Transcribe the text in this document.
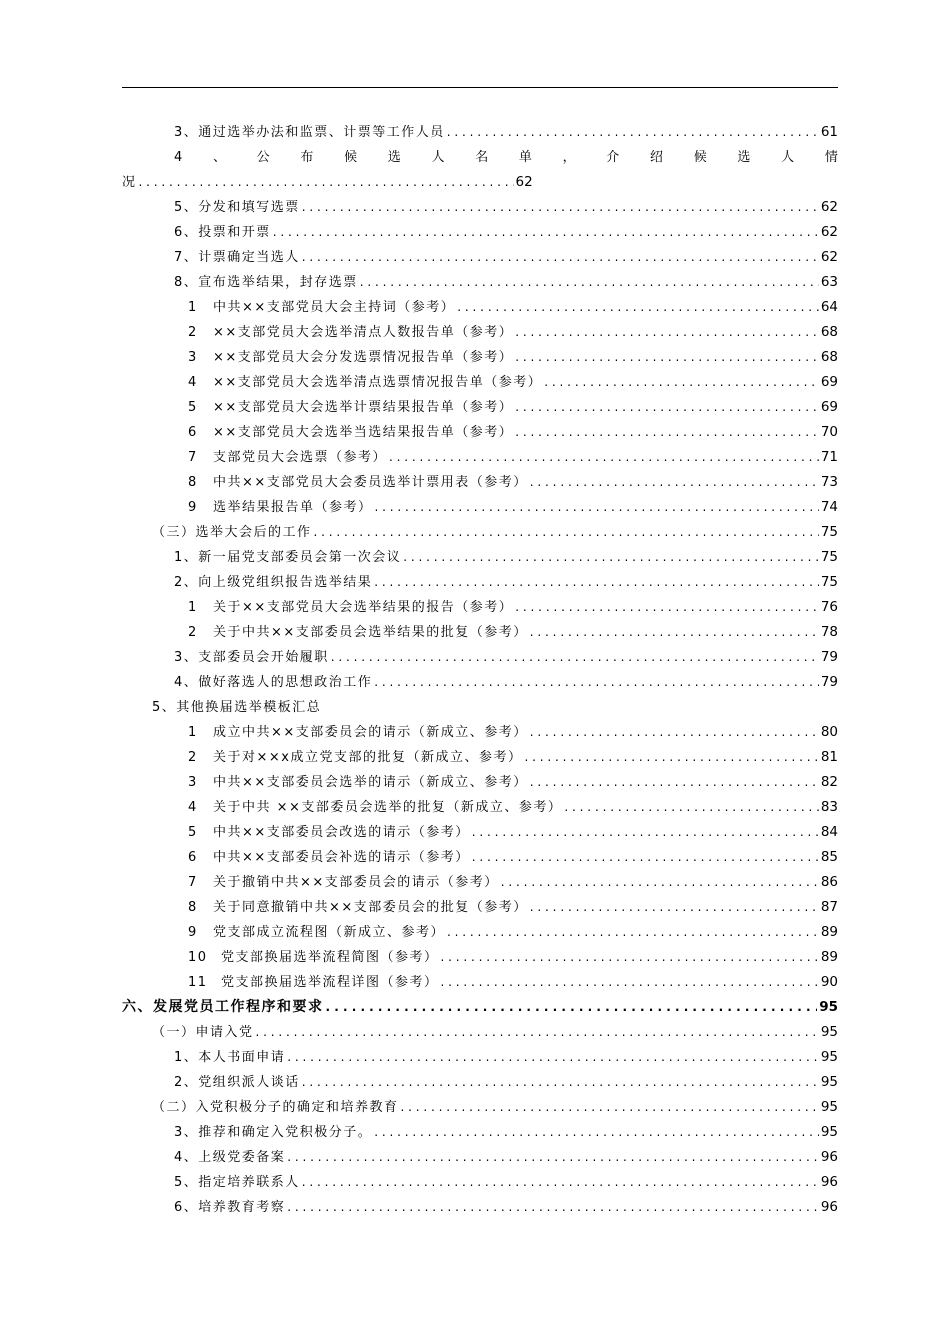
3、通过选举办法和监票、计票等工作人员 . . .	61
4 、 公 布 候 选 人 名 单 ， 介 绍 候 选 人 情
况 . . .	62
5、分发和填写选票 . . .	62
6、投票和开票 . . .	62
7、计票确定当选人 . . .	62
8、宣布选举结果，封存选票 . . .	63
1 中共××支部党员大会主持词（参考） . . .	64
2 ××支部党员大会选举清点人数报告单（参考） . . .	68
3 ××支部党员大会分发选票情况报告单（参考） . . .	68
4 ××支部党员大会选举清点选票情况报告单（参考） . . .	69
5 ××支部党员大会选举计票结果报告单（参考） . . .	69
6 ××支部党员大会选举当选结果报告单（参考） . . .	70
7 支部党员大会选票（参考） . . .	71
8 中共××支部党员大会委员选举计票用表（参考） . . .	73
9 选举结果报告单（参考） . . .	74
（三）选举大会后的工作 . . .	75
1、新一届党支部委员会第一次会议 . . .	75
2、向上级党组织报告选举结果 . . .	75
1 关于××支部党员大会选举结果的报告（参考） . . .	76
2 关于中共××支部委员会选举结果的批复（参考） . . .	78
3、支部委员会开始履职 . . .	79
4、做好落选人的思想政治工作 . . .	79
5、其他换届选举模板汇总
1 成立中共××支部委员会的请示（新成立、参考） . . .	80
2 关于对××x成立党支部的批复（新成立、参考） . . .	81
3 中共××支部委员会选举的请示（新成立、参考） . . .	82
4 关于中共 ××支部委员会选举的批复（新成立、参考） . . .	83
5 中共××支部委员会改选的请示（参考） . . .	84
6 中共××支部委员会补选的请示（参考） . . .	85
7 关于撤销中共××支部委员会的请示（参考） . . .	86
8 关于同意撤销中共××支部委员会的批复（参考） . . .	87
9 党支部成立流程图（新成立、参考） . . .	89
10 党支部换届选举流程简图（参考） . . .	89
11 党支部换届选举流程详图（参考） . . .	90
六、发展党员工作程序和要求 . . .	95
（一）申请入党 . . .	95
1、本人书面申请 . . .	95
2、党组织派人谈话 . . .	95
（二）入党积极分子的确定和培养教育 . . .	95
3、推荐和确定入党积极分子。 . . .	95
4、上级党委备案 . . .	96
5、指定培养联系人 . . .	96
6、培养教育考察 . . .	96
